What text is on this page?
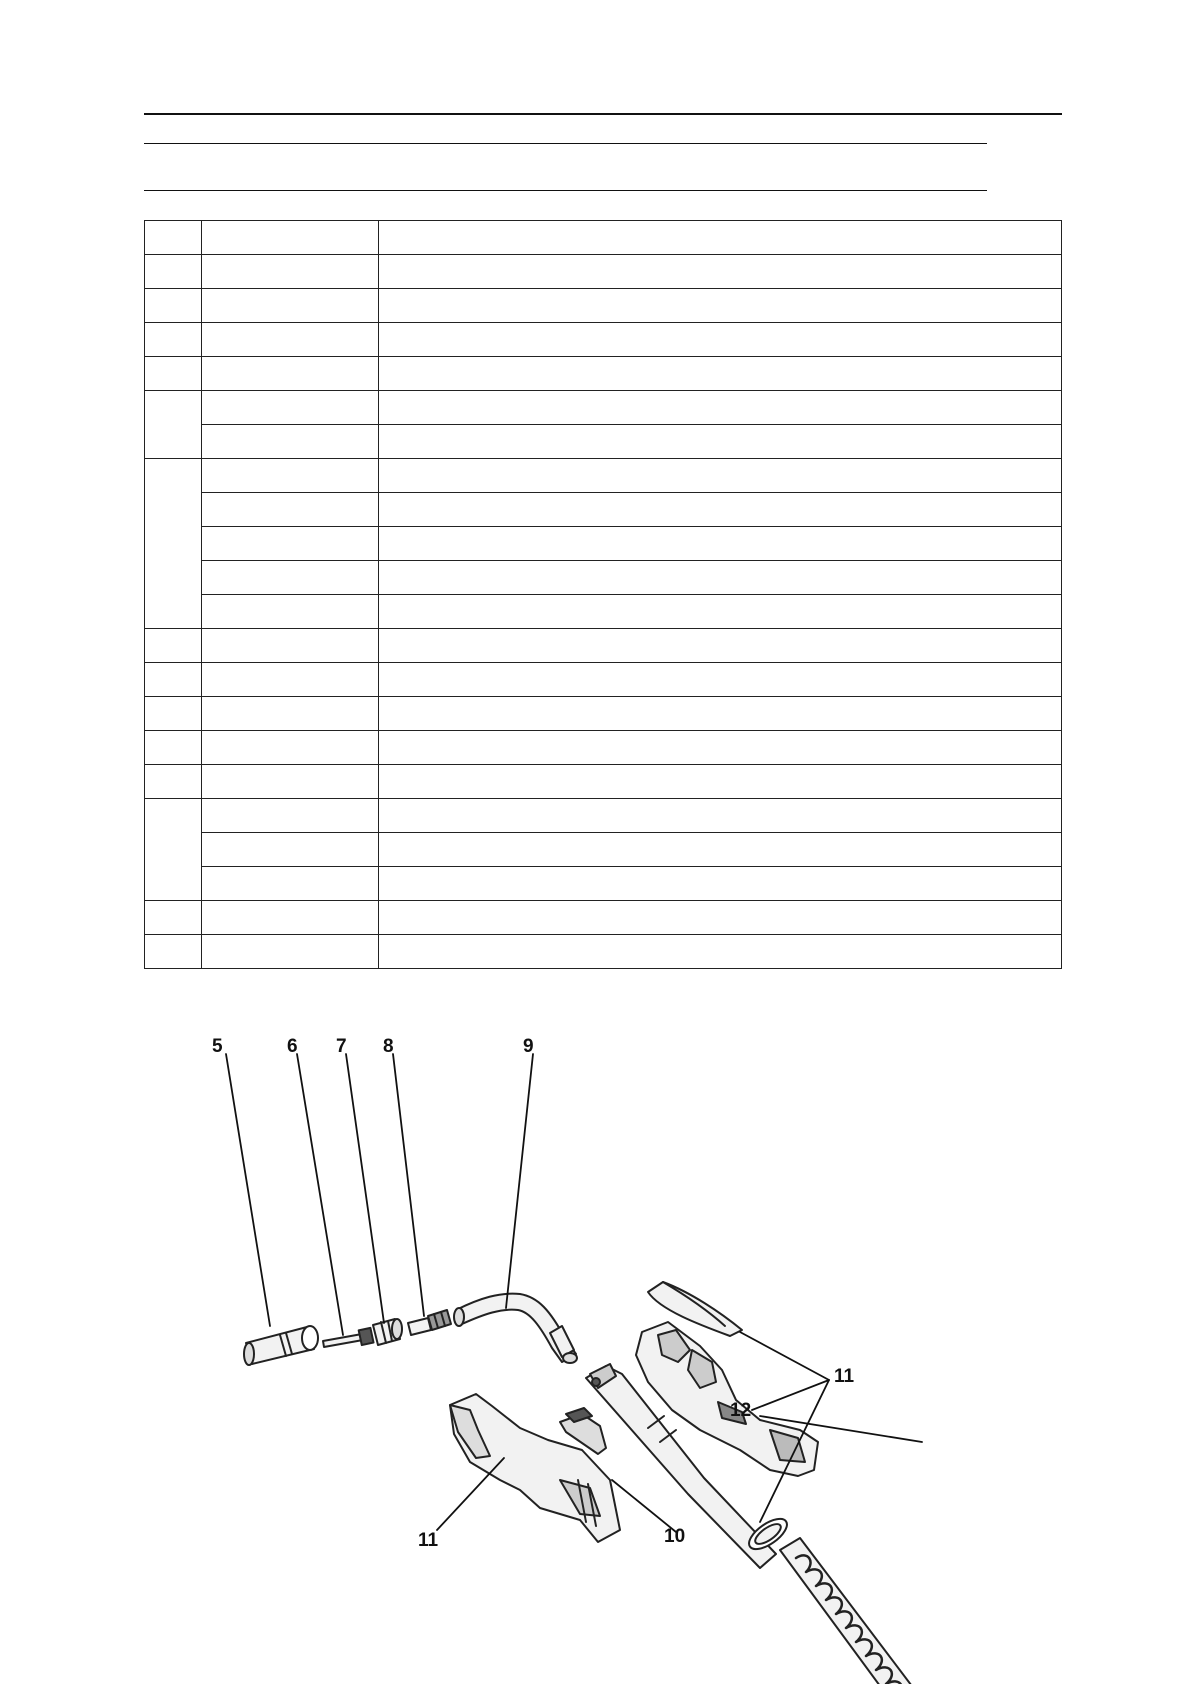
5	6 7 8	9
11
11	10
12
